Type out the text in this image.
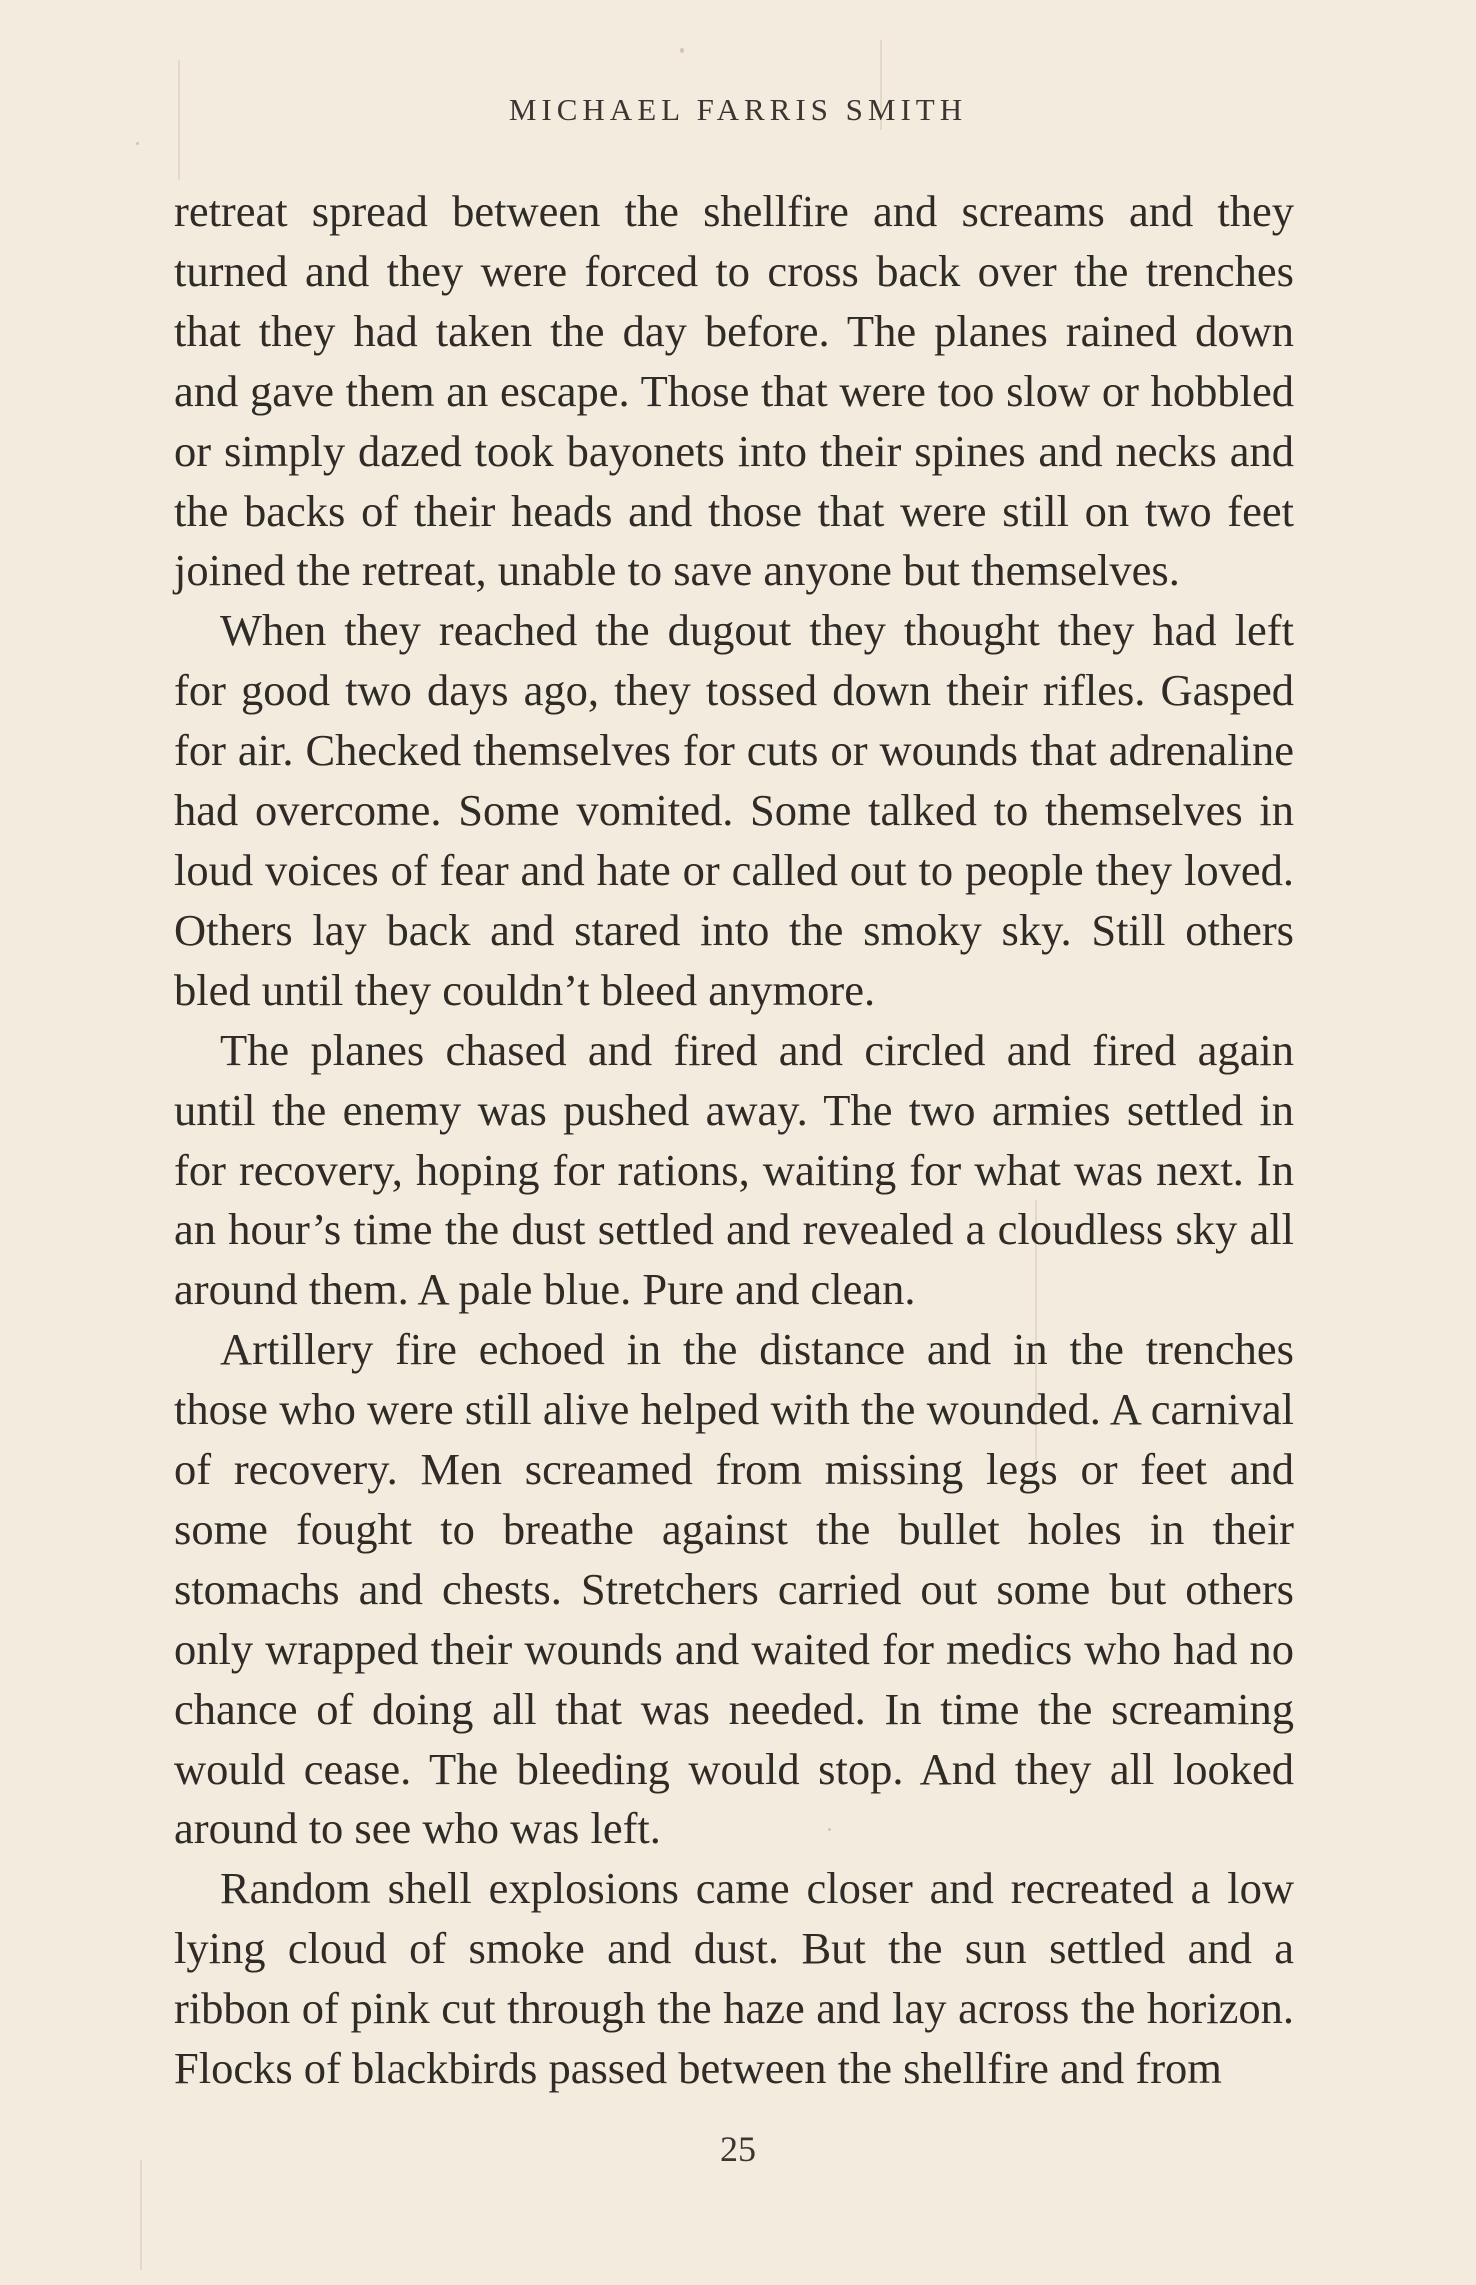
MICHAEL FARRIS SMITH

retreat spread between the shellfire and screams and they turned and they were forced to cross back over the trenches that they had taken the day before. The planes rained down and gave them an escape. Those that were too slow or hobbled or simply dazed took bayonets into their spines and necks and the backs of their heads and those that were still on two feet joined the retreat, unable to save anyone but themselves.

When they reached the dugout they thought they had left for good two days ago, they tossed down their rifles. Gasped for air. Checked themselves for cuts or wounds that adrenaline had overcome. Some vomited. Some talked to themselves in loud voices of fear and hate or called out to people they loved. Others lay back and stared into the smoky sky. Still others bled until they couldn’t bleed anymore.

The planes chased and fired and circled and fired again until the enemy was pushed away. The two armies settled in for recovery, hoping for rations, waiting for what was next. In an hour’s time the dust settled and revealed a cloudless sky all around them. A pale blue. Pure and clean.

Artillery fire echoed in the distance and in the trenches those who were still alive helped with the wounded. A carnival of recovery. Men screamed from missing legs or feet and some fought to breathe against the bullet holes in their stomachs and chests. Stretchers carried out some but others only wrapped their wounds and waited for medics who had no chance of doing all that was needed. In time the screaming would cease. The bleeding would stop. And they all looked around to see who was left.

Random shell explosions came closer and recreated a low lying cloud of smoke and dust. But the sun settled and a ribbon of pink cut through the haze and lay across the horizon. Flocks of blackbirds passed between the shellfire and from

25
